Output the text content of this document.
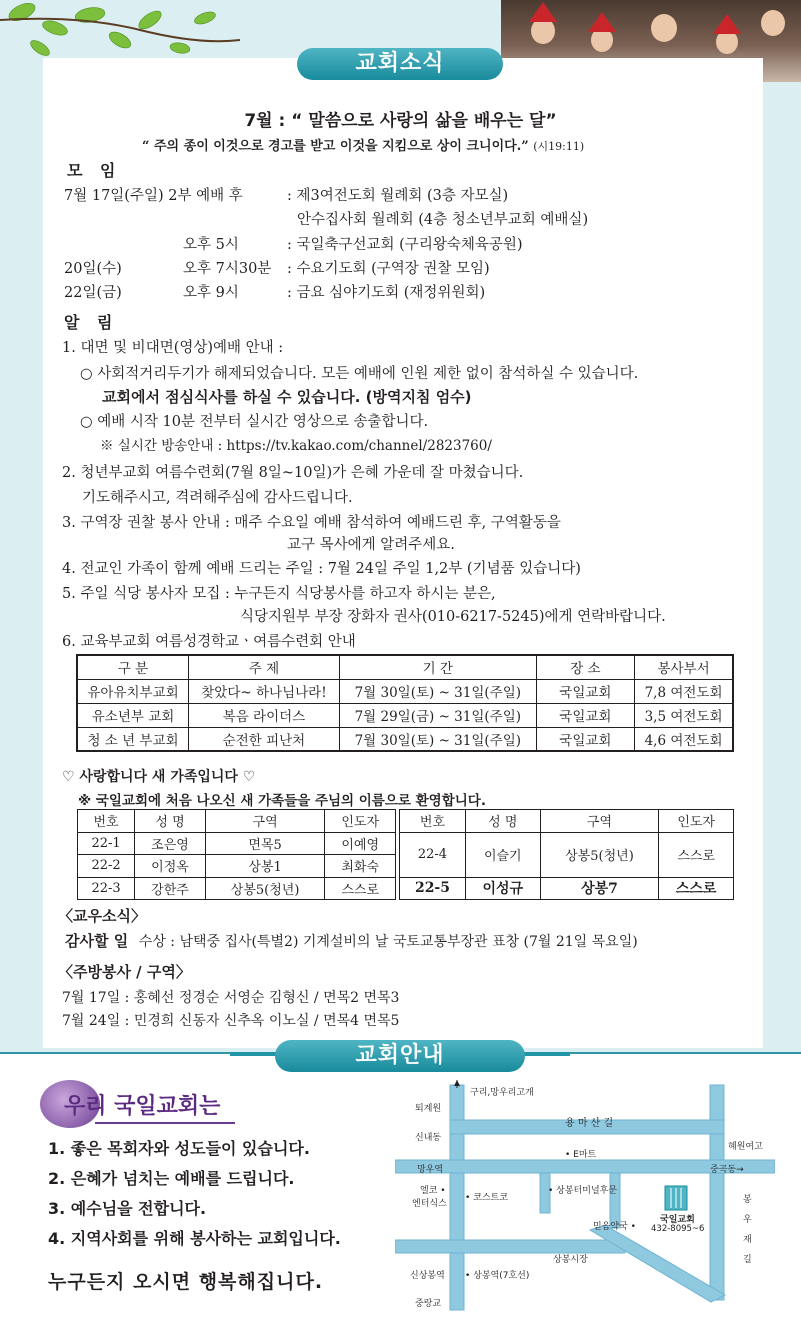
교회소식
7월 : “ 말씀으로 사랑의 삶을 배우는 달”
“ 주의 종이 이것으로 경고를 받고 이것을 지킴으로 상이 크니이다.” (시19:11)
모 임
7월 17일(주일) 2부 예배 후	: 제3여전도회 월례회 (3층 자모실)
안수집사회 월례회 (4층 청소년부교회 예배실)
오후 5시	: 국일축구선교회 (구리왕숙체육공원)
20일(수)	오후 7시30분 : 수요기도회 (구역장 권찰 모임)
22일(금)	오후 9시	: 금요 심야기도회 (재정위원회)
알 림
1. 대면 및 비대면(영상)예배 안내 :
○ 사회적거리두기가 해제되었습니다. 모든 예배에 인원 제한 없이 참석하실 수 있습니다.
교회에서 점심식사를 하실 수 있습니다. (방역지침 엄수)
○ 예배 시작 10분 전부터 실시간 영상으로 송출합니다.
※ 실시간 방송안내 : https://tv.kakao.com/channel/2823760/
2. 청년부교회 여름수련회(7월 8일~10일)가 은혜 가운데 잘 마쳤습니다.
기도해주시고, 격려해주심에 감사드립니다.
3. 구역장 권찰 봉사 안내 : 매주 수요일 예배 참석하여 예배드린 후, 구역활동을
교구 목사에게 알려주세요.
4. 전교인 가족이 함께 예배 드리는 주일 : 7월 24일 주일 1,2부 (기념품 있습니다)
5. 주일 식당 봉사자 모집 : 누구든지 식당봉사를 하고자 하시는 분은,
식당지원부 부장 장화자 권사(010-6217-5245)에게 연락바랍니다.
6. 교육부교회 여름성경학교ㆍ여름수련회 안내
구 분	주 제	기 간	장 소	봉사부서
유아유치부교회	찾았다~ 하나님나라!	7월 30일(토) ~ 31일(주일)	국일교회	7,8 여전도회
유소년부 교회	복음 라이더스	7월 29일(금) ~ 31일(주일)	국일교회	3,5 여전도회
청 소 년 부교회	순전한 피난처	7월 30일(토) ~ 31일(주일)	국일교회	4,6 여전도회
♡ 사랑합니다 새 가족입니다 ♡
※ 국일교회에 처음 나오신 새 가족들을 주님의 이름으로 환영합니다.
번호	성 명	구역	인도자
22-1	조은영	면목5	이예영
22-2	이정옥	상봉1	최화숙
22-3	강한주	상봉5(청년)	스스로
번호	성 명	구역	인도자
22-4	이슬기	상봉5(청년)	스스로
22-5	이성규	상봉7	스스로
〈교우소식〉
감사할 일 수상 : 남택중 집사(특별2) 기계설비의 날 국토교통부장관 표창 (7월 21일 목요일)
〈주방봉사 / 구역〉
7월 17일 : 홍혜선 정경순 서영순 김형신 / 면목2 면목3
7월 24일 : 민경희 신동자 신추옥 이노실 / 면목4 면목5
교회안내
우리 국일교회는
1. 좋은 목회자와 성도들이 있습니다.
2. 은혜가 넘치는 예배를 드립니다.
3. 예수님을 전합니다.
4. 지역사회를 위해 봉사하는 교회입니다.
누구든지 오시면 행복해집니다.
구리,망우리고개
퇴계원
용 마 산 길
신내동
혜원여고
• E마트
망우역	중곡동→
• 상봉터미널후문
엘코 •
엔터식스
• 코스트코
국일교회
432-8095~6
믿음약국 •
봉
우
재
길
상봉시장
신상봉역 • 상봉역(7호선)
중랑교
